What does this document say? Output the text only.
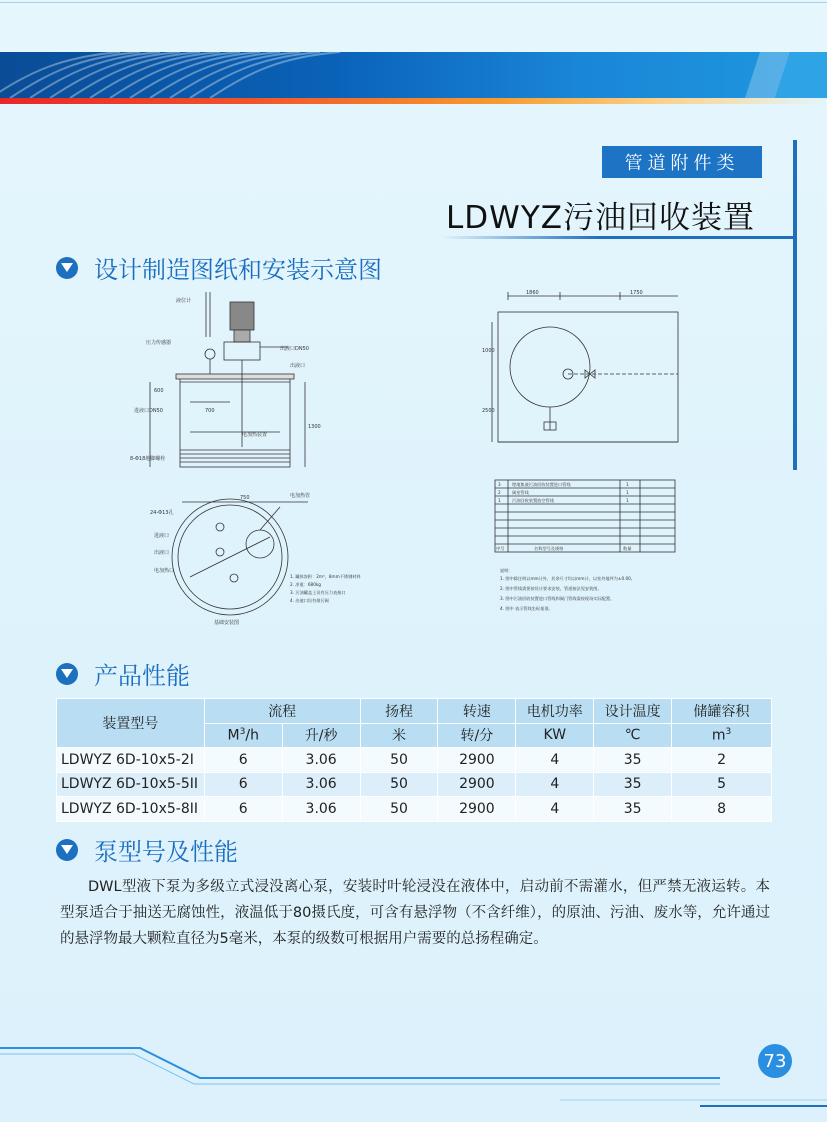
管道附件类
LDWYZ污油回收装置
设计制造图纸和安装示意图
液位计
压力传感器
出液口DN50
出液口
进液口DN50
电加热装置
8-Φ18地脚螺栓
700
1300
600
750	电加热管
24-Φ13孔
进液口
出液口
电加热口
基础安装图
1. 罐体容积：2m³，8mm不锈钢材料
2. 净重：680kg
3. 污油罐盖上设有压力表接口
4. 出液口设有排污阀
1860	1750
1000
2500
3	埋地集液污油回收装置进口管线	1
2	阀室管线	1
1	污油回收装置放空管线	1
序号	名称型号及规格	数量
说明：
1. 图中除注明以mm计外，其余尺寸均以mm计，以室外地坪为±0.00。
2. 图中管线需要按设计要求安装，管道接法见安装图。
3. 图中污油回收装置进口管线和阀门管线需按现场实际配置。
4. 图中 表示管线坐标基准。
产品性能
装置型号	流程		扬程	转速	电机功率	设计温度	储罐容积
	$M^3/h$	升/秒	米	转/分	KW	℃	$m^3$
LDWYZ 6D-10x5-2I	6	3.06	50	2900	4	35	2
LDWYZ 6D-10x5-5II	6	3.06	50	2900	4	35	5
LDWYZ 6D-10x5-8II	6	3.06	50	2900	4	35	8
泵型号及性能

DWL型液下泵为多级立式浸没离心泵，安装时叶轮浸没在液体中，启动前不需灌水，但严禁无液运转。本型泵适合于抽送无腐蚀性，液温低于80摄氏度，可含有悬浮物（不含纤维），的原油、污油、废水等，允许通过的悬浮物最大颗粒直径为5毫米，本泵的级数可根据用户需要的总扬程确定。

73
